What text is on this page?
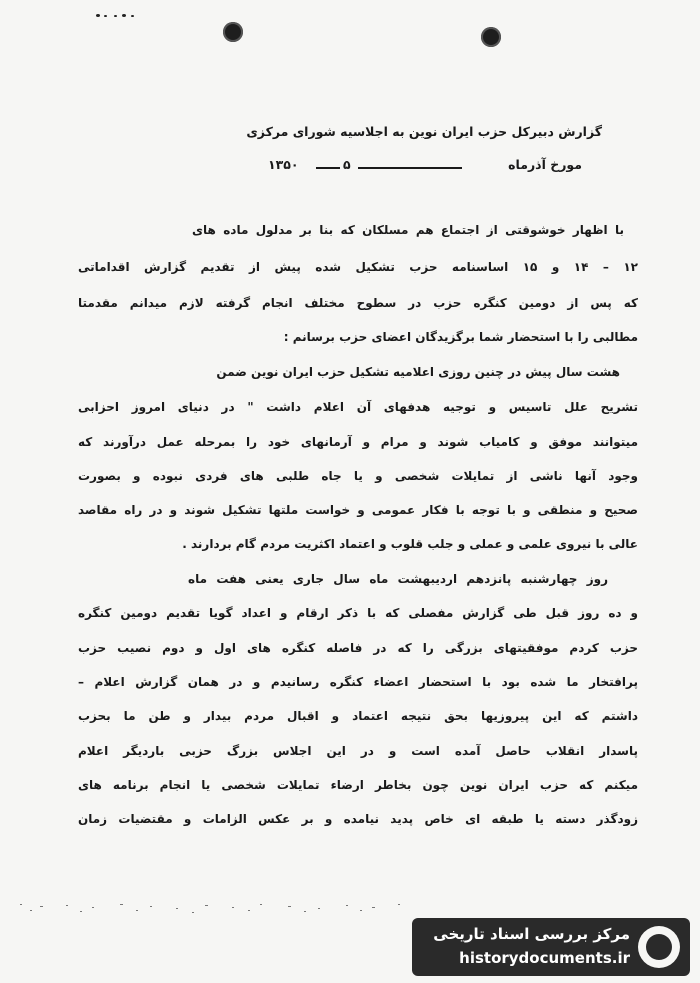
گزارش دبیرکل حزب ایران نوین به اجلاسیه شورای مرکزی
مورخ آذرماه
۵
۱۳۵۰
با اظهار خوشوقتی از اجتماع هم مسلکان که بنا بر مدلول ماده های
۱۲ – ۱۴ و ۱۵ اساسنامه حزب تشکیل شده پیش از تقدیم گزارش اقداماتی
که پس از دومین کنگره حزب در سطوح مختلف انجام گرفته لازم میدانم مقدمتا
مطالبی را با استحضار شما برگزیدگان اعضای حزب برسانم :
هشت سال پیش در چنین روزی اعلامیه تشکیل حزب ایران نوین ضمن
تشریح علل تاسیس و توجیه هدفهای آن اعلام داشت " در دنیای امروز احزابی
میتوانند موفق و کامیاب شوند و مرام و آرمانهای خود را بمرحله عمل درآورند که
وجود آنها ناشی از تمایلات شخصی و یا جاه طلبی های فردی نبوده و بصورت
صحیح و منطقی و با توجه با فکار عمومی و خواست ملتها تشکیل شوند و در راه مقاصد
عالی با نیروی علمی و عملی و جلب قلوب و اعتماد اکثریت مردم گام بردارند .
روز چهارشنبه پانزدهم اردیبهشت ماه سال جاری یعنی هفت ماه
و ده روز قبل طی گزارش مفصلی که با ذکر ارقام و اعداد گویا تقدیم دومین کنگره
حزب کردم موفقیتهای بزرگی را که در فاصله کنگره های اول و دوم نصیب حزب
پرافتخار ما شده بود با استحضار اعضاء کنگره رسانیدم و در همان گزارش اعلام –
داشتم که این پیروزیها بحق نتیجه اعتماد و اقبال مردم بیدار و طن ما بحزب
پاسدار انقلاب حاصل آمده است و در این اجلاس بزرگ حزبی باردیگر اعلام
میکنم که حزب ایران نوین چون بخاطر ارضاء تمایلات شخصی یا انجام برنامه های
زودگذر دسته یا طبقه ای خاص پدید نیامده و بر عکس الزامات و مقتضیات زمان
مرکز بررسی اسناد تاریخی
historydocuments.ir
